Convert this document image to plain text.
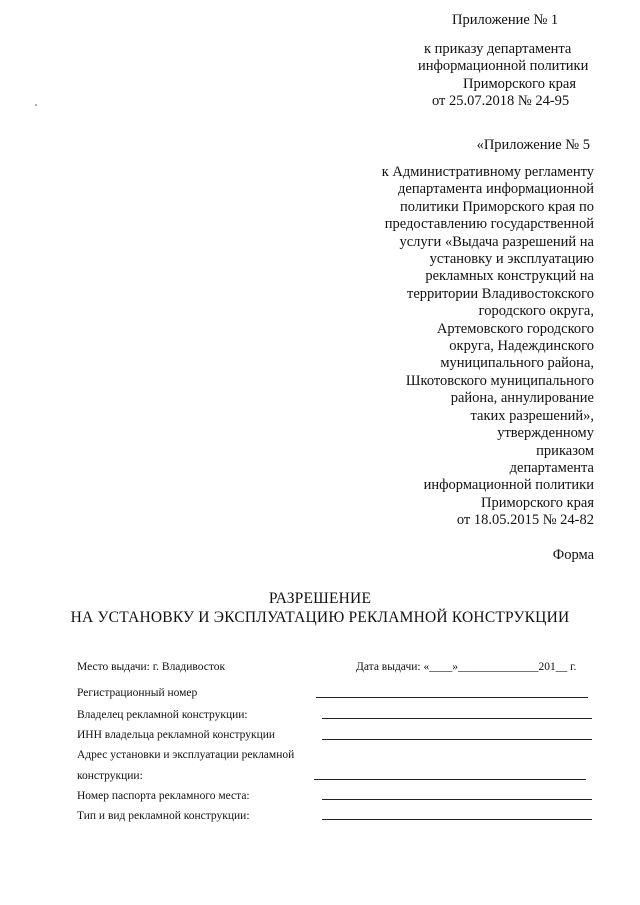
Приложение № 1
к приказу департамента
информационной политики
Приморского края
от 25.07.2018 № 24-95
«Приложение № 5
к Административному регламенту
департамента информационной
политики Приморского края по
предоставлению государственной
услуги «Выдача разрешений на
установку и эксплуатацию
рекламных конструкций на
территории Владивостокского
городского округа,
Артемовского городского
округа, Надеждинского
муниципального района,
Шкотовского муниципального
района, аннулирование
таких разрешений»,
утвержденному
приказом
департамента
информационной политики
Приморского края
от 18.05.2015 № 24-82
Форма
РАЗРЕШЕНИЕ
НА УСТАНОВКУ И ЭКСПЛУАТАЦИЮ РЕКЛАМНОЙ КОНСТРУКЦИИ
Место выдачи: г. Владивосток	Дата выдачи: «____»______________201__ г.
Регистрационный номер
Владелец рекламной конструкции:
ИНН владельца рекламной конструкции
Адрес установки и эксплуатации рекламной
конструкции:
Номер паспорта рекламного места:
Тип и вид рекламной конструкции:
